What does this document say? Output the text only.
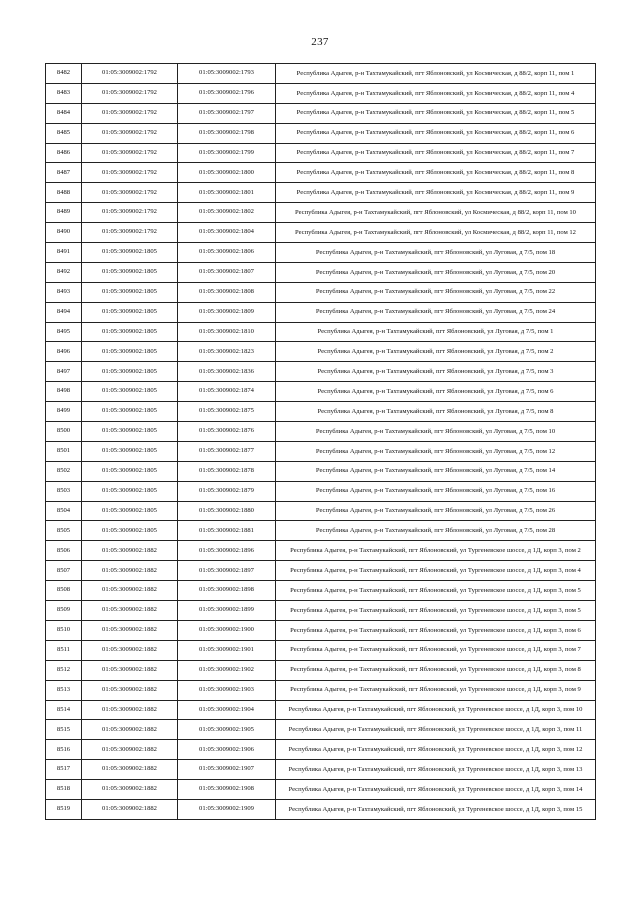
237
8482	01:05:3009002:1792	01:05:3009002:1793	Республика Адыгея, р-н Тахтамукайский, пгт Яблоновский, ул Космическая, д 88/2, корп 11, пом 1
8483	01:05:3009002:1792	01:05:3009002:1796	Республика Адыгея, р-н Тахтамукайский, пгт Яблоновский, ул Космическая, д 88/2, корп 11, пом 4
8484	01:05:3009002:1792	01:05:3009002:1797	Республика Адыгея, р-н Тахтамукайский, пгт Яблоновский, ул Космическая, д 88/2, корп 11, пом 5
8485	01:05:3009002:1792	01:05:3009002:1798	Республика Адыгея, р-н Тахтамукайский, пгт Яблоновский, ул Космическая, д 88/2, корп 11, пом 6
8486	01:05:3009002:1792	01:05:3009002:1799	Республика Адыгея, р-н Тахтамукайский, пгт Яблоновский, ул Космическая, д 88/2, корп 11, пом 7
8487	01:05:3009002:1792	01:05:3009002:1800	Республика Адыгея, р-н Тахтамукайский, пгт Яблоновский, ул Космическая, д 88/2, корп 11, пом 8
8488	01:05:3009002:1792	01:05:3009002:1801	Республика Адыгея, р-н Тахтамукайский, пгт Яблоновский, ул Космическая, д 88/2, корп 11, пом 9
8489	01:05:3009002:1792	01:05:3009002:1802	Республика Адыгея, р-н Тахтамукайский, пгт Яблоновский, ул Космическая, д 88/2, корп 11, пом 10
8490	01:05:3009002:1792	01:05:3009002:1804	Республика Адыгея, р-н Тахтамукайский, пгт Яблоновский, ул Космическая, д 88/2, корп 11, пом 12
8491	01:05:3009002:1805	01:05:3009002:1806	Республика Адыгея, р-н Тахтамукайский, пгт Яблоновский, ул Луговая, д 7/5, пом 18
8492	01:05:3009002:1805	01:05:3009002:1807	Республика Адыгея, р-н Тахтамукайский, пгт Яблоновский, ул Луговая, д 7/5, пом 20
8493	01:05:3009002:1805	01:05:3009002:1808	Республика Адыгея, р-н Тахтамукайский, пгт Яблоновский, ул Луговая, д 7/5, пом 22
8494	01:05:3009002:1805	01:05:3009002:1809	Республика Адыгея, р-н Тахтамукайский, пгт Яблоновский, ул Луговая, д 7/5, пом 24
8495	01:05:3009002:1805	01:05:3009002:1810	Республика Адыгея, р-н Тахтамукайский, пгт Яблоновский, ул Луговая, д 7/5, пом 1
8496	01:05:3009002:1805	01:05:3009002:1823	Республика Адыгея, р-н Тахтамукайский, пгт Яблоновский, ул Луговая, д 7/5, пом 2
8497	01:05:3009002:1805	01:05:3009002:1836	Республика Адыгея, р-н Тахтамукайский, пгт Яблоновский, ул Луговая, д 7/5, пом 3
8498	01:05:3009002:1805	01:05:3009002:1874	Республика Адыгея, р-н Тахтамукайский, пгт Яблоновский, ул Луговая, д 7/5, пом 6
8499	01:05:3009002:1805	01:05:3009002:1875	Республика Адыгея, р-н Тахтамукайский, пгт Яблоновский, ул Луговая, д 7/5, пом 8
8500	01:05:3009002:1805	01:05:3009002:1876	Республика Адыгея, р-н Тахтамукайский, пгт Яблоновский, ул Луговая, д 7/5, пом 10
8501	01:05:3009002:1805	01:05:3009002:1877	Республика Адыгея, р-н Тахтамукайский, пгт Яблоновский, ул Луговая, д 7/5, пом 12
8502	01:05:3009002:1805	01:05:3009002:1878	Республика Адыгея, р-н Тахтамукайский, пгт Яблоновский, ул Луговая, д 7/5, пом 14
8503	01:05:3009002:1805	01:05:3009002:1879	Республика Адыгея, р-н Тахтамукайский, пгт Яблоновский, ул Луговая, д 7/5, пом 16
8504	01:05:3009002:1805	01:05:3009002:1880	Республика Адыгея, р-н Тахтамукайский, пгт Яблоновский, ул Луговая, д 7/5, пом 26
8505	01:05:3009002:1805	01:05:3009002:1881	Республика Адыгея, р-н Тахтамукайский, пгт Яблоновский, ул Луговая, д 7/5, пом 28
8506	01:05:3009002:1882	01:05:3009002:1896	Республика Адыгея, р-н Тахтамукайский, пгт Яблоновский, ул Тургеневское шоссе, д 1Д, корп 3, пом 2
8507	01:05:3009002:1882	01:05:3009002:1897	Республика Адыгея, р-н Тахтамукайский, пгт Яблоновский, ул Тургеневское шоссе, д 1Д, корп 3, пом 4
8508	01:05:3009002:1882	01:05:3009002:1898	Республика Адыгея, р-н Тахтамукайский, пгт Яблоновский, ул Тургеневское шоссе, д 1Д, корп 3, пом 5
8509	01:05:3009002:1882	01:05:3009002:1899	Республика Адыгея, р-н Тахтамукайский, пгт Яблоновский, ул Тургеневское шоссе, д 1Д, корп 3, пом 5
8510	01:05:3009002:1882	01:05:3009002:1900	Республика Адыгея, р-н Тахтамукайский, пгт Яблоновский, ул Тургеневское шоссе, д 1Д, корп 3, пом 6
8511	01:05:3009002:1882	01:05:3009002:1901	Республика Адыгея, р-н Тахтамукайский, пгт Яблоновский, ул Тургеневское шоссе, д 1Д, корп 3, пом 7
8512	01:05:3009002:1882	01:05:3009002:1902	Республика Адыгея, р-н Тахтамукайский, пгт Яблоновский, ул Тургеневское шоссе, д 1Д, корп 3, пом 8
8513	01:05:3009002:1882	01:05:3009002:1903	Республика Адыгея, р-н Тахтамукайский, пгт Яблоновский, ул Тургеневское шоссе, д 1Д, корп 3, пом 9
8514	01:05:3009002:1882	01:05:3009002:1904	Республика Адыгея, р-н Тахтамукайский, пгт Яблоновский, ул Тургеневское шоссе, д 1Д, корп 3, пом 10
8515	01:05:3009002:1882	01:05:3009002:1905	Республика Адыгея, р-н Тахтамукайский, пгт Яблоновский, ул Тургеневское шоссе, д 1Д, корп 3, пом 11
8516	01:05:3009002:1882	01:05:3009002:1906	Республика Адыгея, р-н Тахтамукайский, пгт Яблоновский, ул Тургеневское шоссе, д 1Д, корп 3, пом 12
8517	01:05:3009002:1882	01:05:3009002:1907	Республика Адыгея, р-н Тахтамукайский, пгт Яблоновский, ул Тургеневское шоссе, д 1Д, корп 3, пом 13
8518	01:05:3009002:1882	01:05:3009002:1908	Республика Адыгея, р-н Тахтамукайский, пгт Яблоновский, ул Тургеневское шоссе, д 1Д, корп 3, пом 14
8519	01:05:3009002:1882	01:05:3009002:1909	Республика Адыгея, р-н Тахтамукайский, пгт Яблоновский, ул Тургеневское шоссе, д 1Д, корп 3, пом 15
